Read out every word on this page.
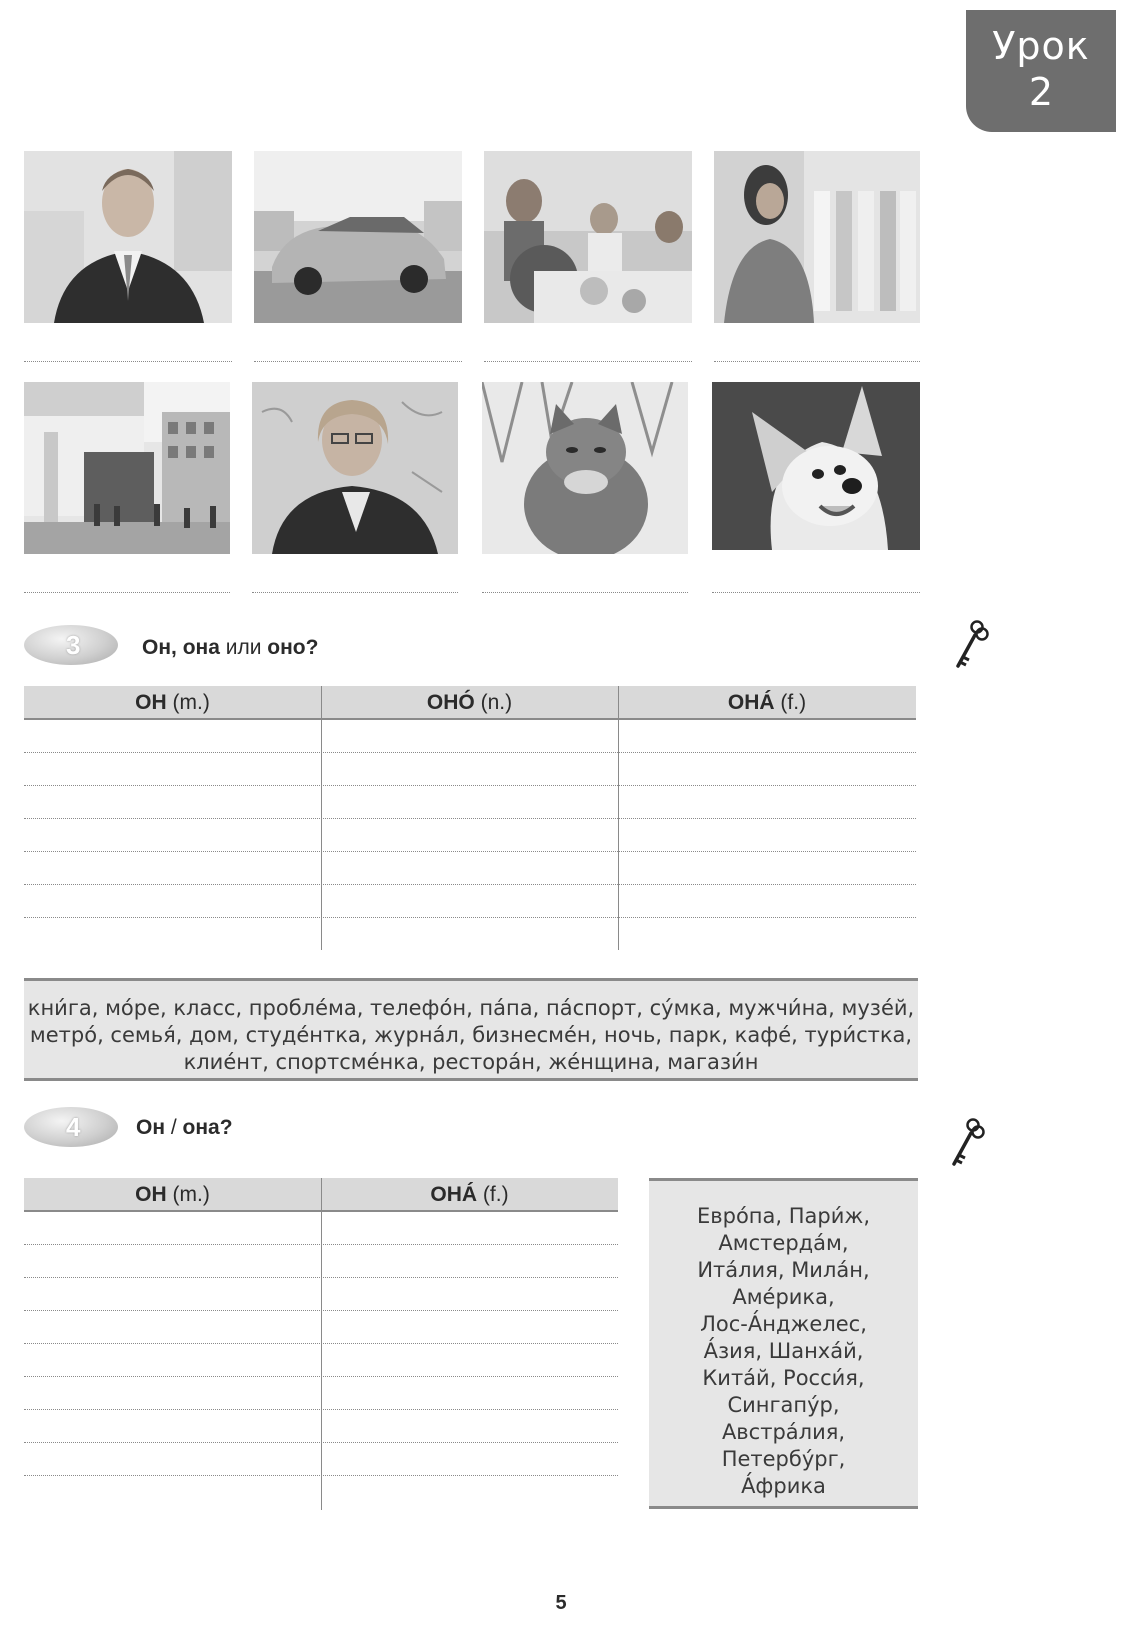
Урок
2
3	Он, она или оно?
ОН (m.)	ОНÓ (n.)	ОНÁ (f.)
кни́га, мо́ре, класс, пробле́ма, телефо́н, па́па, па́спорт, су́мка, мужчи́на, музе́й,
метро́, семья́, дом, студе́нтка, журна́л, бизнесме́н, ночь, парк, кафе́, тури́стка,
клие́нт, спортсме́нка, рестора́н, же́нщина, магази́н
4	Он / она?
ОН (m.)	ОНÁ (f.)
Евро́па, Пари́ж,
Амстерда́м,
Ита́лия, Мила́н,
Аме́рика,
Лос-А́нджелес,
А́зия, Шанха́й,
Кита́й, Росси́я,
Сингапу́р,
Австра́лия,
Петербу́рг,
А́фрика
5
